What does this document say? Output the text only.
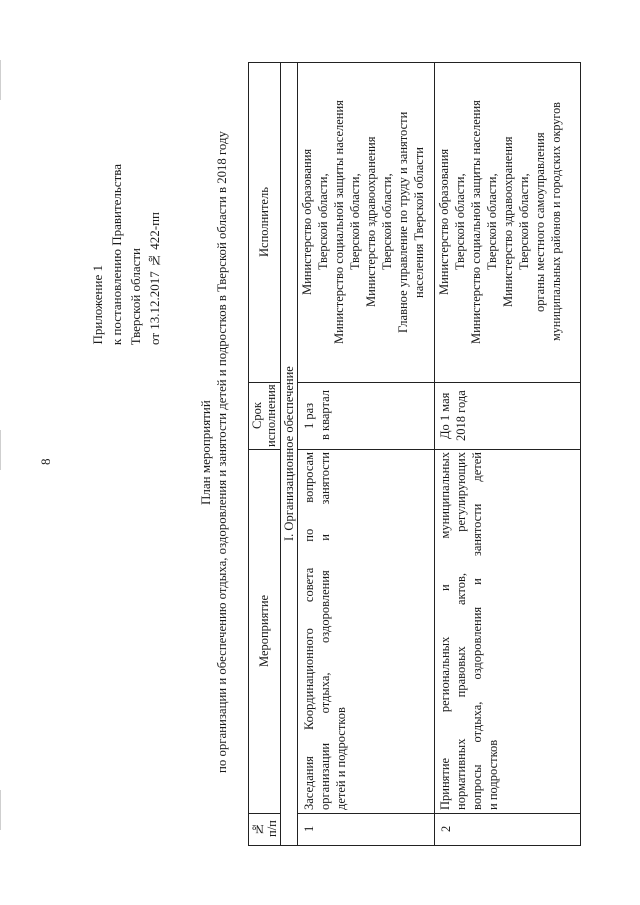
8
Приложение 1 к постановлению Правительства Тверской области от 13.12.2017 № 422-пп
План мероприятий по организации и обеспечению отдыха, оздоровления и занятости детей и подростков в Тверской области в 2018 году
№ п/п
Мероприятие
Срок исполнения
Исполнитель
I. Организационное обеспечение
1
Заседания Координационного совета по вопросам организации отдыха, оздоровления и занятости детей и подростков
1 раз в квартал
Министерство образования Тверской области, Министерство социальной защиты населения Тверской области, Министерство здравоохранения Тверской области, Главное управление по труду и занятости населения Тверской области
2
Принятие региональных и муниципальных нормативных правовых актов, регулирующих вопросы отдыха, оздоровления и занятости детей и подростков
До 1 мая 2018 года
Министерство образования Тверской области, Министерство социальной защиты населения Тверской области, Министерство здравоохранения Тверской области, органы местного самоуправления муниципальных районов и городских округов
